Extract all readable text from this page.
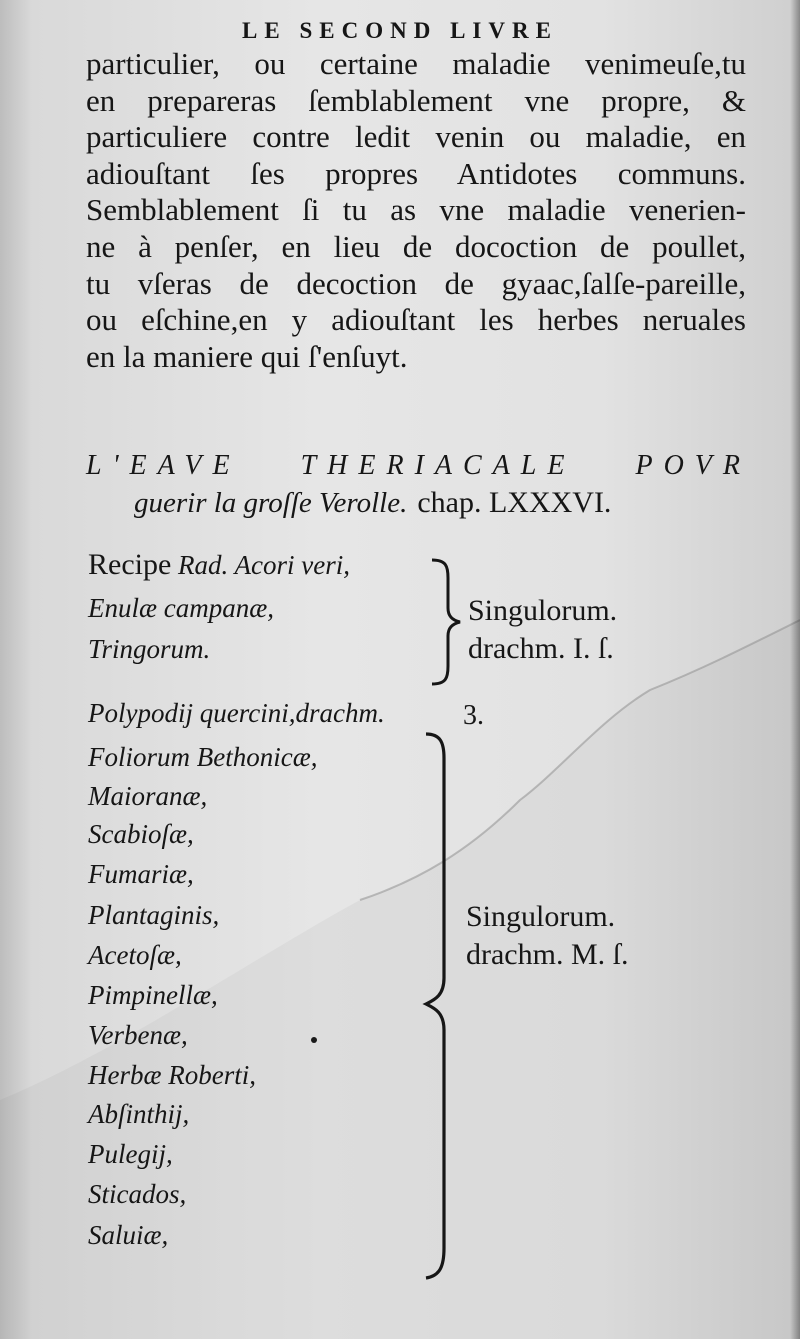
LE SECOND LIVRE
particulier, ou certaine maladie venimeuſe,tu
en prepareras ſemblablement vne propre, &
particuliere contre ledit venin ou maladie, en
adiouſtant ſes propres Antidotes communs.
Semblablement ſi tu as vne maladie venerien-
ne à penſer, en lieu de docoction de poullet,
tu vſeras de decoction de gyaac,ſalſe-pareille,
ou eſchine,en y adiouſtant les herbes neruales
en la maniere qui ſ'enſuyt.
L'EAVE THERIACALE POVR
guerir la groſſe Verolle. chap. LXXXVI.
Recipe Rad. Acori veri,
Enulæ campanæ,
Tringorum.
Singulorum.
drachm. I. ſ.
Polypodij quercini,drachm.	3.
Foliorum Bethonicæ,
Maioranæ,
Scabioſæ,
Fumariæ,
Plantaginis,
Acetoſæ,
Pimpinellæ,
Verbenæ,
Herbæ Roberti,
Abſinthij,
Pulegij,
Sticados,
Saluiæ,
Singulorum.
drachm. M. ſ.
